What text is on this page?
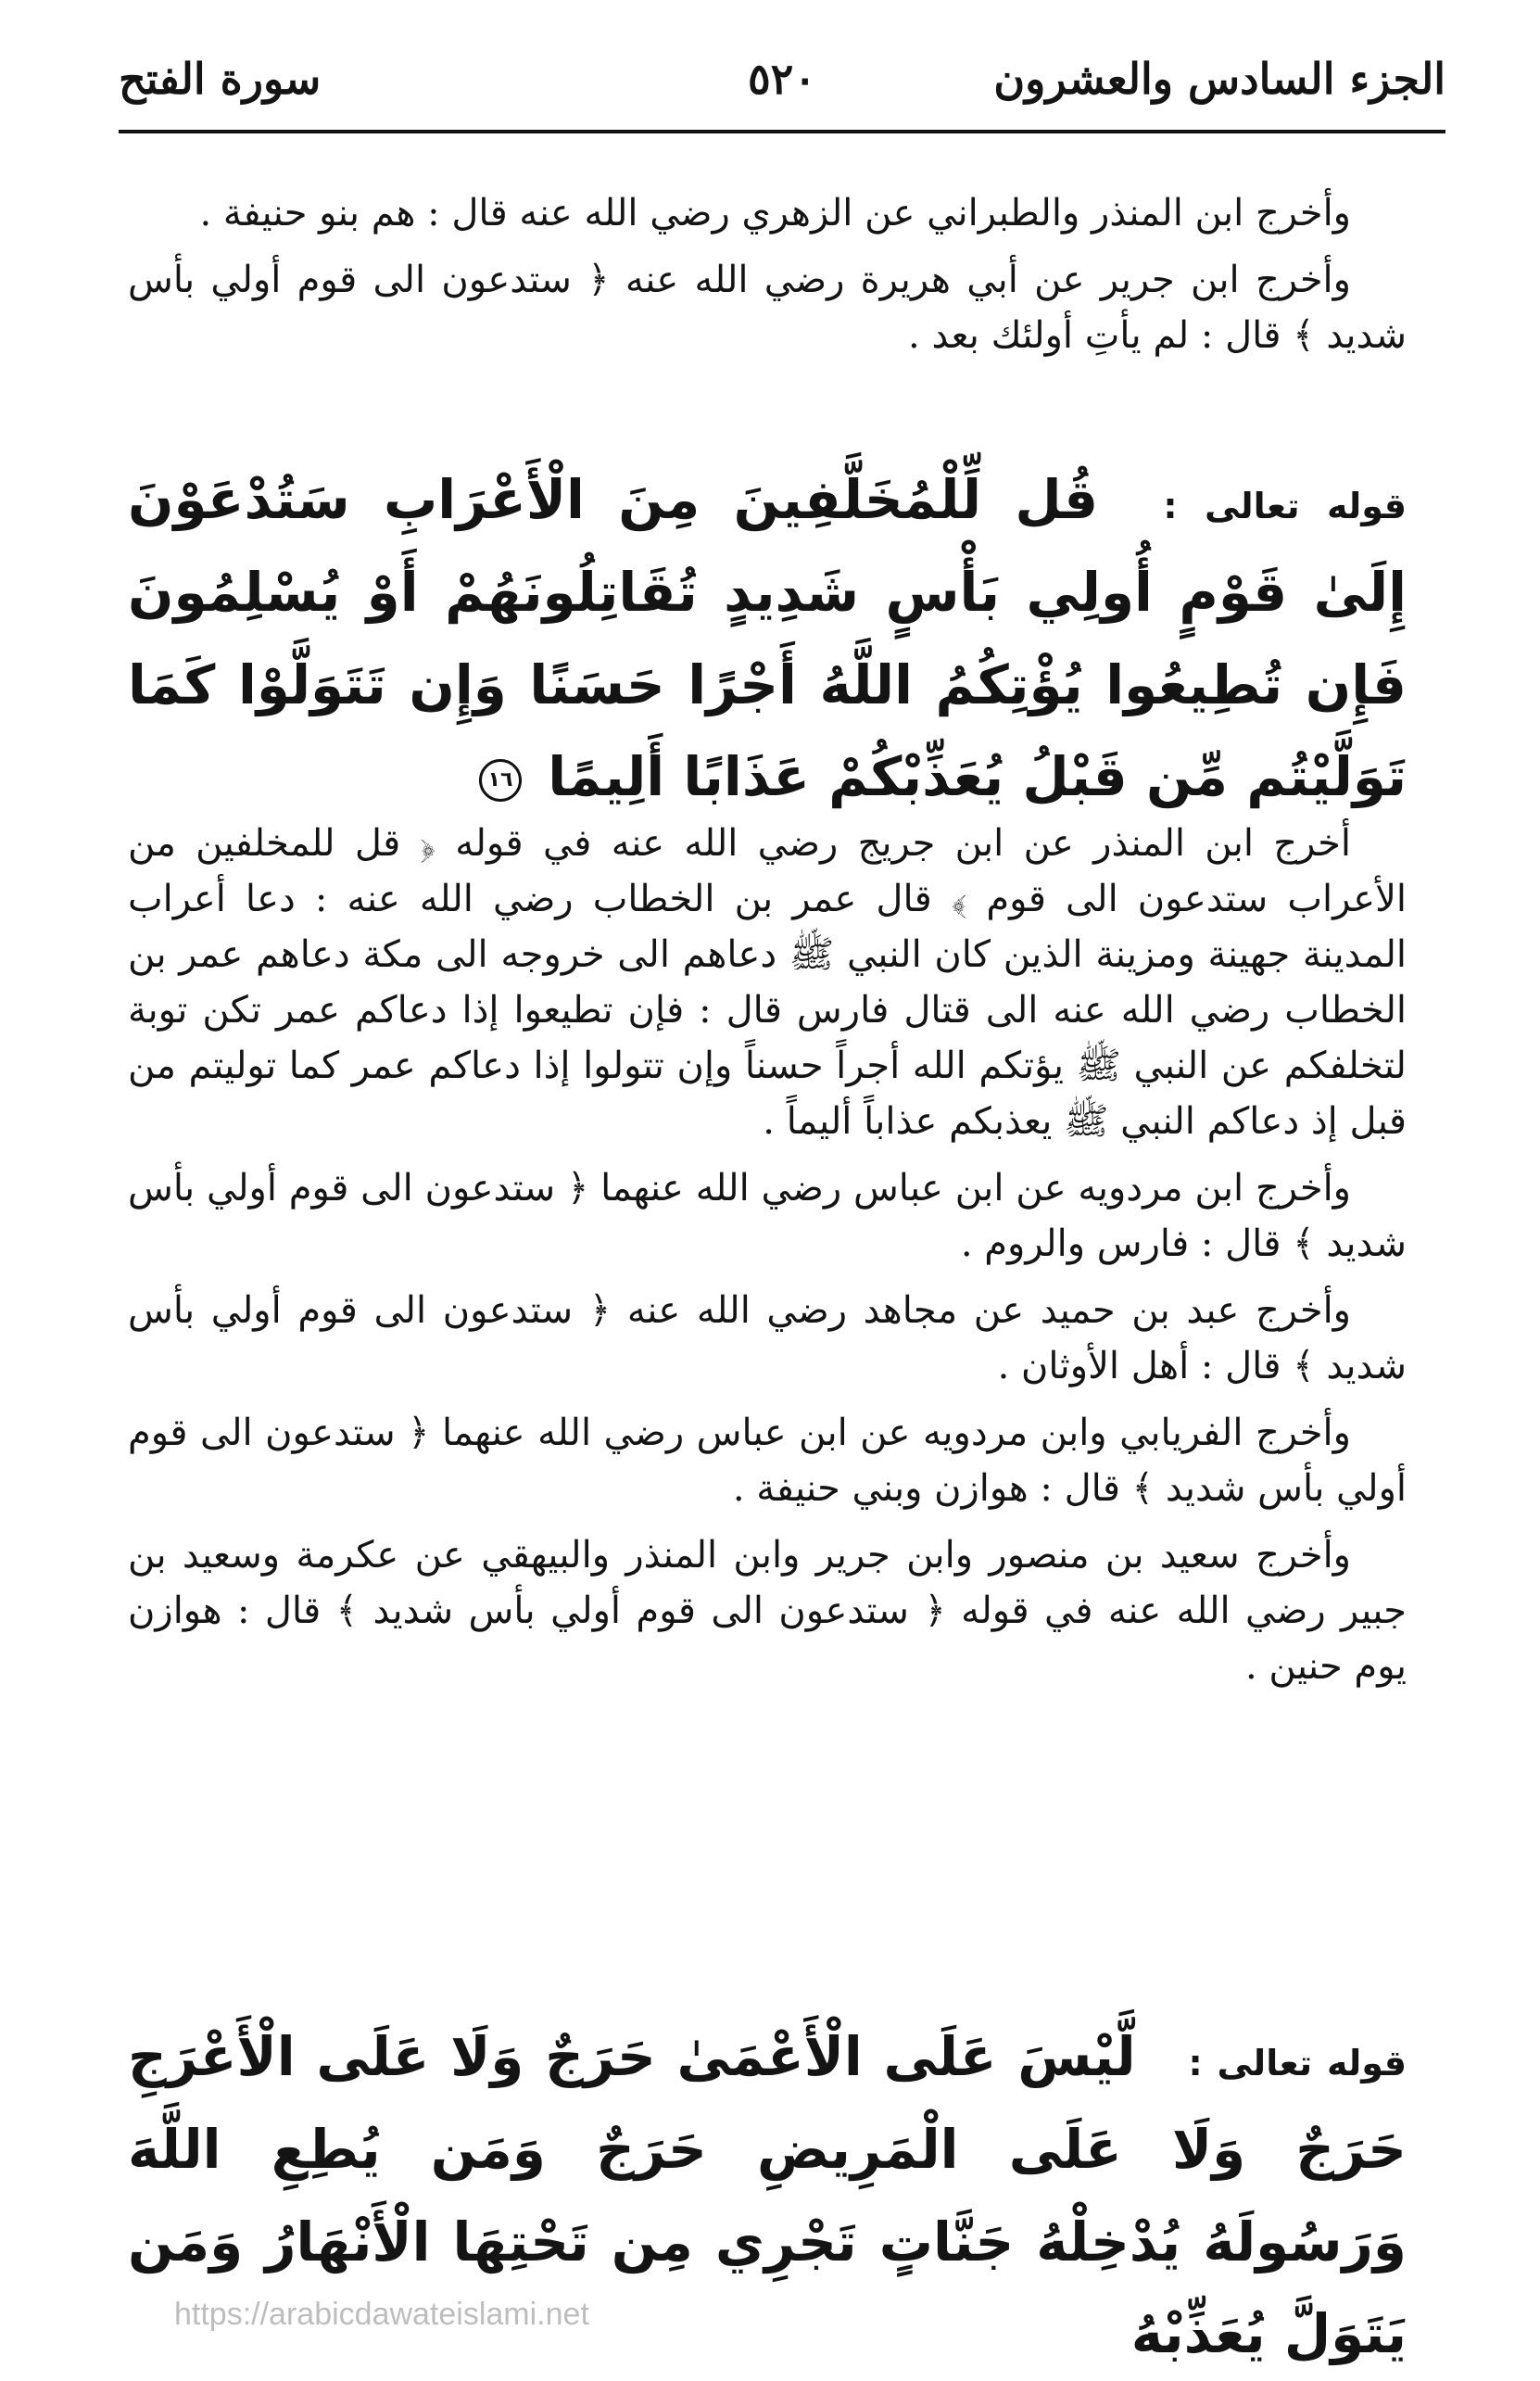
الجزء السادس والعشرون
٥٢٠
سورة الفتح

وأخرج ابن المنذر والطبراني عن الزهري رضي الله عنه قال : هم بنو حنيفة .

وأخرج ابن جرير عن أبي هريرة رضي الله عنه ﴿ ستدعون الى قوم أولي بأس شديد ﴾ قال : لم يأتِ أولئك بعد .

قوله تعالى : قُل لِّلْمُخَلَّفِينَ مِنَ الْأَعْرَابِ سَتُدْعَوْنَ إِلَىٰ قَوْمٍ أُولِي بَأْسٍ شَدِيدٍ تُقَاتِلُونَهُمْ أَوْ يُسْلِمُونَ فَإِن تُطِيعُوا يُؤْتِكُمُ اللَّهُ أَجْرًا حَسَنًا وَإِن تَتَوَلَّوْا كَمَا تَوَلَّيْتُم مِّن قَبْلُ يُعَذِّبْكُمْ عَذَابًا أَلِيمًا ١٦

أخرج ابن المنذر عن ابن جريج رضي الله عنه في قوله ﴿ قل للمخلفين من الأعراب ستدعون الى قوم ﴾ قال عمر بن الخطاب رضي الله عنه : دعا أعراب المدينة جهينة ومزينة الذين كان النبي ﷺ دعاهم الى خروجه الى مكة دعاهم عمر بن الخطاب رضي الله عنه الى قتال فارس قال : فإن تطيعوا إذا دعاكم عمر تكن توبة لتخلفكم عن النبي ﷺ يؤتكم الله أجراً حسناً وإن تتولوا إذا دعاكم عمر كما توليتم من قبل إذ دعاكم النبي ﷺ يعذبكم عذاباً أليماً .

وأخرج ابن مردويه عن ابن عباس رضي الله عنهما ﴿ ستدعون الى قوم أولي بأس شديد ﴾ قال : فارس والروم .

وأخرج عبد بن حميد عن مجاهد رضي الله عنه ﴿ ستدعون الى قوم أولي بأس شديد ﴾ قال : أهل الأوثان .

وأخرج الفريابي وابن مردويه عن ابن عباس رضي الله عنهما ﴿ ستدعون الى قوم أولي بأس شديد ﴾ قال : هوازن وبني حنيفة .

وأخرج سعيد بن منصور وابن جرير وابن المنذر والبيهقي عن عكرمة وسعيد بن جبير رضي الله عنه في قوله ﴿ ستدعون الى قوم أولي بأس شديد ﴾ قال : هوازن يوم حنين .

قوله تعالى : لَّيْسَ عَلَى الْأَعْمَىٰ حَرَجٌ وَلَا عَلَى الْأَعْرَجِ حَرَجٌ وَلَا عَلَى الْمَرِيضِ حَرَجٌ وَمَن يُطِعِ اللَّهَ وَرَسُولَهُ يُدْخِلْهُ جَنَّاتٍ تَجْرِي مِن تَحْتِهَا الْأَنْهَارُ وَمَن يَتَوَلَّ يُعَذِّبْهُ
https://arabicdawateislami.net
